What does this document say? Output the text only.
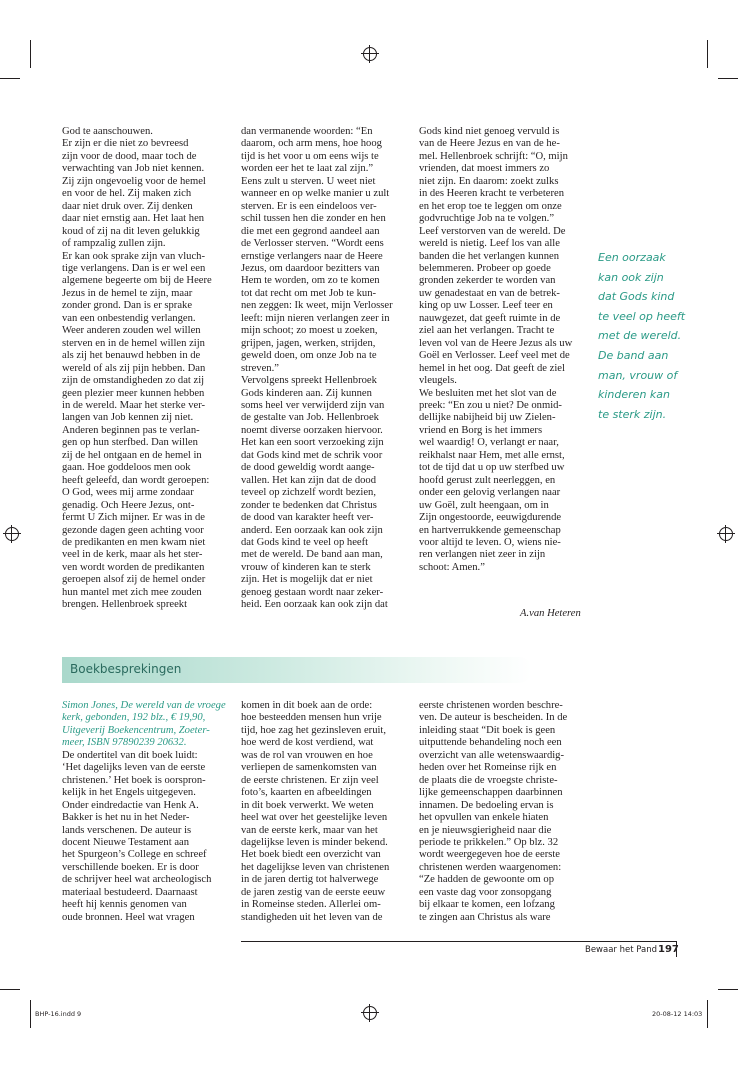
God te aanschouwen.
Er zijn er die niet zo bevreesd
zijn voor de dood, maar toch de
verwachting van Job niet kennen.
Zij zijn ongevoelig voor de hemel
en voor de hel. Zij maken zich
daar niet druk over. Zij denken
daar niet ernstig aan. Het laat hen
koud of zij na dit leven gelukkig
of rampzalig zullen zijn.
Er kan ook sprake zijn van vluch-
tige verlangens. Dan is er wel een
algemene begeerte om bij de Heere
Jezus in de hemel te zijn, maar
zonder grond. Dan is er sprake
van een onbestendig verlangen.
Weer anderen zouden wel willen
sterven en in de hemel willen zijn
als zij het benauwd hebben in de
wereld of als zij pijn hebben. Dan
zijn de omstandigheden zo dat zij
geen plezier meer kunnen hebben
in de wereld. Maar het sterke ver-
langen van Job kennen zij niet.
Anderen beginnen pas te verlan-
gen op hun sterfbed. Dan willen
zij de hel ontgaan en de hemel in
gaan. Hoe goddeloos men ook
heeft geleefd, dan wordt geroepen:
O God, wees mij arme zondaar
genadig. Och Heere Jezus, ont-
fermt U Zich mijner. Er was in de
gezonde dagen geen achting voor
de predikanten en men kwam niet
veel in de kerk, maar als het ster-
ven wordt worden de predikanten
geroepen alsof zij de hemel onder
hun mantel met zich mee zouden
brengen. Hellenbroek spreekt

dan vermanende woorden: “En
daarom, och arm mens, hoe hoog
tijd is het voor u om eens wijs te
worden eer het te laat zal zijn.”
Eens zult u sterven. U weet niet
wanneer en op welke manier u zult
sterven. Er is een eindeloos ver-
schil tussen hen die zonder en hen
die met een gegrond aandeel aan
de Verlosser sterven. “Wordt eens
ernstige verlangers naar de Heere
Jezus, om daardoor bezitters van
Hem te worden, om zo te komen
tot dat recht om met Job te kun-
nen zeggen: Ik weet, mijn Verlosser
leeft: mijn nieren verlangen zeer in
mijn schoot; zo moest u zoeken,
grijpen, jagen, werken, strijden,
geweld doen, om onze Job na te
streven.”
Vervolgens spreekt Hellenbroek
Gods kinderen aan. Zij kunnen
soms heel ver verwijderd zijn van
de gestalte van Job. Hellenbroek
noemt diverse oorzaken hiervoor.
Het kan een soort verzoeking zijn
dat Gods kind met de schrik voor
de dood geweldig wordt aange-
vallen. Het kan zijn dat de dood
teveel op zichzelf wordt bezien,
zonder te bedenken dat Christus
de dood van karakter heeft ver-
anderd. Een oorzaak kan ook zijn
dat Gods kind te veel op heeft
met de wereld. De band aan man,
vrouw of kinderen kan te sterk
zijn. Het is mogelijk dat er niet
genoeg gestaan wordt naar zeker-
heid. Een oorzaak kan ook zijn dat

Gods kind niet genoeg vervuld is
van de Heere Jezus en van de he-
mel. Hellenbroek schrijft: “O, mijn
vrienden, dat moest immers zo
niet zijn. En daarom: zoekt zulks
in des Heeren kracht te verbeteren
en het erop toe te leggen om onze
godvruchtige Job na te volgen.”
Leef verstorven van de wereld. De
wereld is nietig. Leef los van alle
banden die het verlangen kunnen
belemmeren. Probeer op goede
gronden zekerder te worden van
uw genadestaat en van de betrek-
king op uw Losser. Leef teer en
nauwgezet, dat geeft ruimte in de
ziel aan het verlangen. Tracht te
leven vol van de Heere Jezus als uw
Goël en Verlosser. Leef veel met de
hemel in het oog. Dat geeft de ziel
vleugels.
We besluiten met het slot van de
preek: “En zou u niet? De onmid-
dellijke nabijheid bij uw Zielen-
vriend en Borg is het immers
wel waardig! O, verlangt er naar,
reikhalst naar Hem, met alle ernst,
tot de tijd dat u op uw sterfbed uw
hoofd gerust zult neerleggen, en
onder een gelovig verlangen naar
uw Goël, zult heengaan, om in
Zijn ongestoorde, eeuwigdurende
en hartverrukkende gemeenschap
voor altijd te leven. O, wiens nie-
ren verlangen niet zeer in zijn
schoot: Amen.”

A.van Heteren
Een oorzaak
kan ook zijn
dat Gods kind
te veel op heeft
met de wereld.
De band aan
man, vrouw of
kinderen kan
te sterk zijn.
Boekbesprekingen

Simon Jones, De wereld van de vroege
kerk, gebonden, 192 blz., € 19,90,
Uitgeverij Boekencentrum, Zoeter-
meer, ISBN 97890239 20632.

De ondertitel van dit boek luidt:
‘Het dagelijks leven van de eerste
christenen.’ Het boek is oorspron-
kelijk in het Engels uitgegeven.
Onder eindredactie van Henk A.
Bakker is het nu in het Neder-
lands verschenen. De auteur is
docent Nieuwe Testament aan
het Spurgeon’s College en schreef
verschillende boeken. Er is door
de schrijver heel wat archeologisch
materiaal bestudeerd. Daarnaast
heeft hij kennis genomen van
oude bronnen. Heel wat vragen

komen in dit boek aan de orde:
hoe besteedden mensen hun vrije
tijd, hoe zag het gezinsleven eruit,
hoe werd de kost verdiend, wat
was de rol van vrouwen en hoe
verliepen de samenkomsten van
de eerste christenen. Er zijn veel
foto’s, kaarten en afbeeldingen
in dit boek verwerkt. We weten
heel wat over het geestelijke leven
van de eerste kerk, maar van het
dagelijkse leven is minder bekend.
Het boek biedt een overzicht van
het dagelijkse leven van christenen
in de jaren dertig tot halverwege
de jaren zestig van de eerste eeuw
in Romeinse steden. Allerlei om-
standigheden uit het leven van de

eerste christenen worden beschre-
ven. De auteur is bescheiden. In de
inleiding staat “Dit boek is geen
uitputtende behandeling noch een
overzicht van alle wetenswaardig-
heden over het Romeinse rijk en
de plaats die de vroegste christe-
lijke gemeenschappen daarbinnen
innamen. De bedoeling ervan is
het opvullen van enkele hiaten
en je nieuwsgierigheid naar die
periode te prikkelen.” Op blz. 32
wordt weergegeven hoe de eerste
christenen werden waargenomen:
“Ze hadden de gewoonte om op
een vaste dag voor zonsopgang
bij elkaar te komen, een lofzang
te zingen aan Christus als ware

Bewaar het Pand 197
BHP-16.indd 9	20-08-12 14:03
